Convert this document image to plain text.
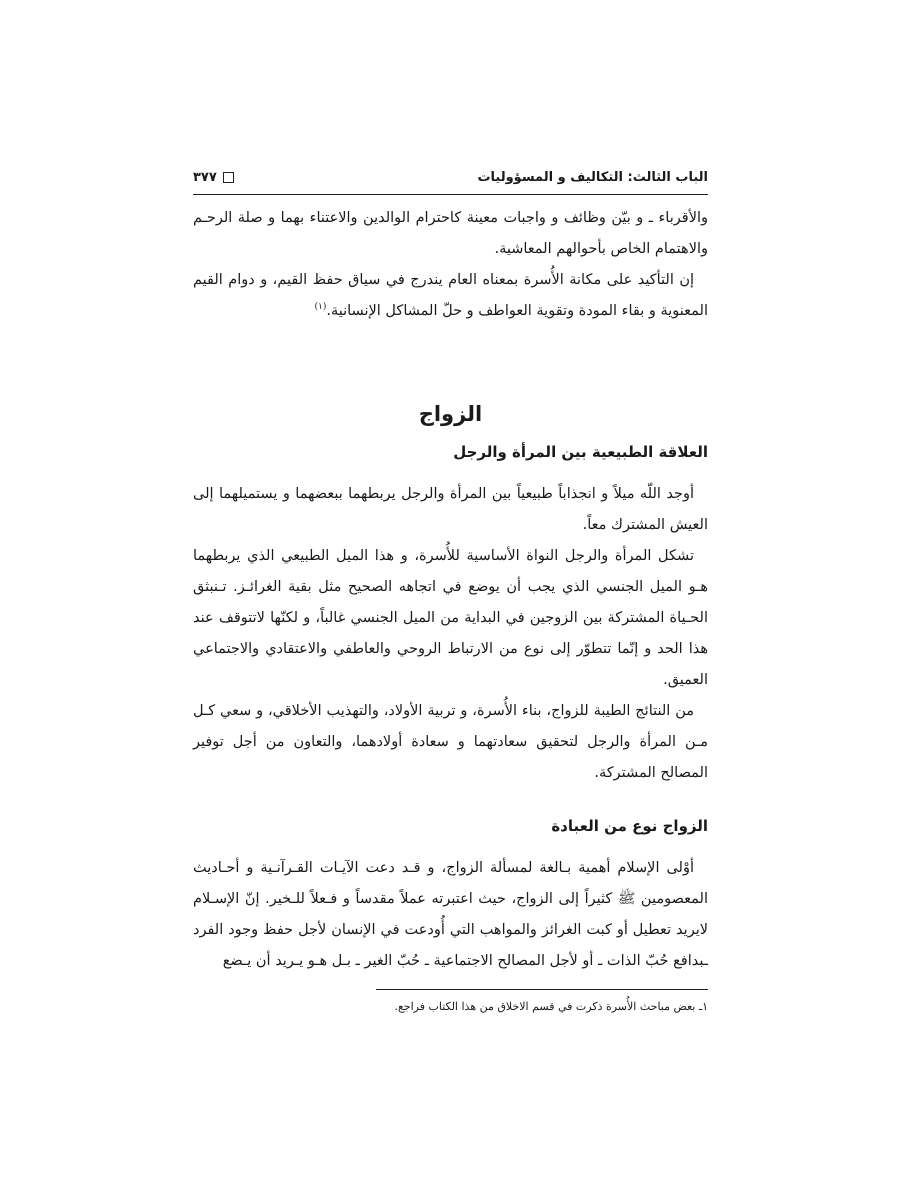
الباب الثالث: التكاليف و المسؤوليات
٣٧٧

والأقرباء ـ و بيّن وظائف و واجبات معينة كاحترام الوالدين والاعتناء بهما و صلة الرحـم والاهتمام الخاص بأحوالهم المعاشية.

إن التأكيد على مكانة الأُسرة بمعناه العام يندرج في سياق حفظ القيم، و دوام القيم المعنوية و بقاء المودة وتقوية العواطف و حلّ المشاكل الإنسانية.$^{(١)}$

الزواج
العلاقة الطبيعية بين المرأة والرجل

أوجد اللّه ميلاً و انجذاباً طبيعياً بين المرأة والرجل يربطهما ببعضهما و يستميلهما إلى العيش المشترك معاً.

تشكل المرأة والرجل النواة الأساسية للأُسرة، و هذا الميل الطبيعي الذي يربطهما هـو الميل الجنسي الذي يجب أن يوضع في اتجاهه الصحيح مثل بقية الغرائـز. تـنبثق الحـياة المشتركة بين الزوجين في البداية من الميل الجنسي غالباً، و لكنّها لاتتوقف عند هذا الحد و إنّما تتطوّر إلى نوع من الارتباط الروحي والعاطفي والاعتقادي والاجتماعي العميق.

من النتائج الطيبة للزواج، بناء الأُسرة، و تربية الأولاد، والتهذيب الأخلاقي، و سعي كـل مـن المرأة والرجل لتحقيق سعادتهما و سعادة أولادهما، والتعاون من أجل توفير المصالح المشتركة.

الزواج نوع من العبادة

أوْلى الإسلام أهمية بـالغة لمسألة الزواج، و قـد دعت الآيـات القـرآنـية و أحـاديث المعصومين ﷺ كثيراً إلى الزواج، حيث اعتبرته عملاً مقدساً و فـعلاً للـخير. إنّ الإسـلام لايريد تعطيل أو كبت الغرائز والمواهب التي أُودعت في الإنسان لأجل حفظ وجود الفرد ـبدافع حُبّ الذات ـ أو لأجل المصالح الاجتماعية ـ حُبّ الغير ـ بـل هـو يـريد أن يـضع

١ـ بعض مباحث الأُسرة ذكرت في قسم الاخلاق من هذا الكتاب فراجع.
